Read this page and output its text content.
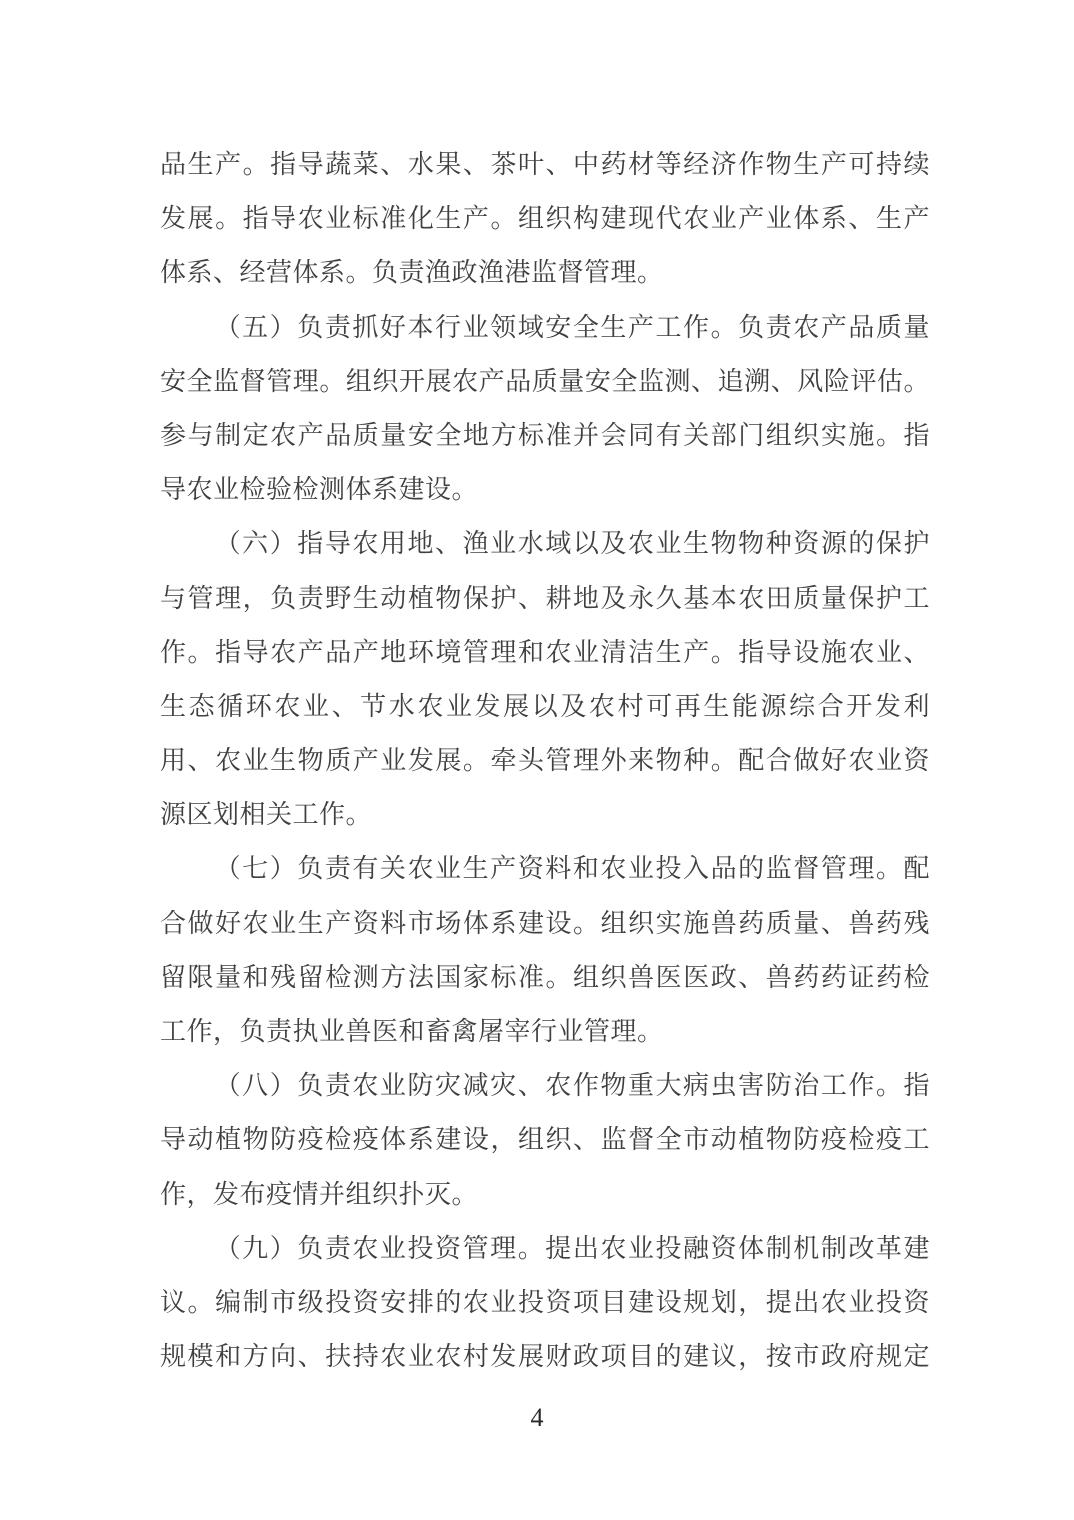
品生产。指导蔬菜、水果、茶叶、中药材等经济作物生产可持续
发展。指导农业标准化生产。组织构建现代农业产业体系、生产
体系、经营体系。负责渔政渔港监督管理。
（五）负责抓好本行业领域安全生产工作。负责农产品质量
安全监督管理。组织开展农产品质量安全监测、追溯、风险评估。
参与制定农产品质量安全地方标准并会同有关部门组织实施。指
导农业检验检测体系建设。
（六）指导农用地、渔业水域以及农业生物物种资源的保护
与管理，负责野生动植物保护、耕地及永久基本农田质量保护工
作。指导农产品产地环境管理和农业清洁生产。指导设施农业、
生态循环农业、节水农业发展以及农村可再生能源综合开发利
用、农业生物质产业发展。牵头管理外来物种。配合做好农业资
源区划相关工作。
（七）负责有关农业生产资料和农业投入品的监督管理。配
合做好农业生产资料市场体系建设。组织实施兽药质量、兽药残
留限量和残留检测方法国家标准。组织兽医医政、兽药药证药检
工作，负责执业兽医和畜禽屠宰行业管理。
（八）负责农业防灾减灾、农作物重大病虫害防治工作。指
导动植物防疫检疫体系建设，组织、监督全市动植物防疫检疫工
作，发布疫情并组织扑灭。
（九）负责农业投资管理。提出农业投融资体制机制改革建
议。编制市级投资安排的农业投资项目建设规划，提出农业投资
规模和方向、扶持农业农村发展财政项目的建议，按市政府规定
4
